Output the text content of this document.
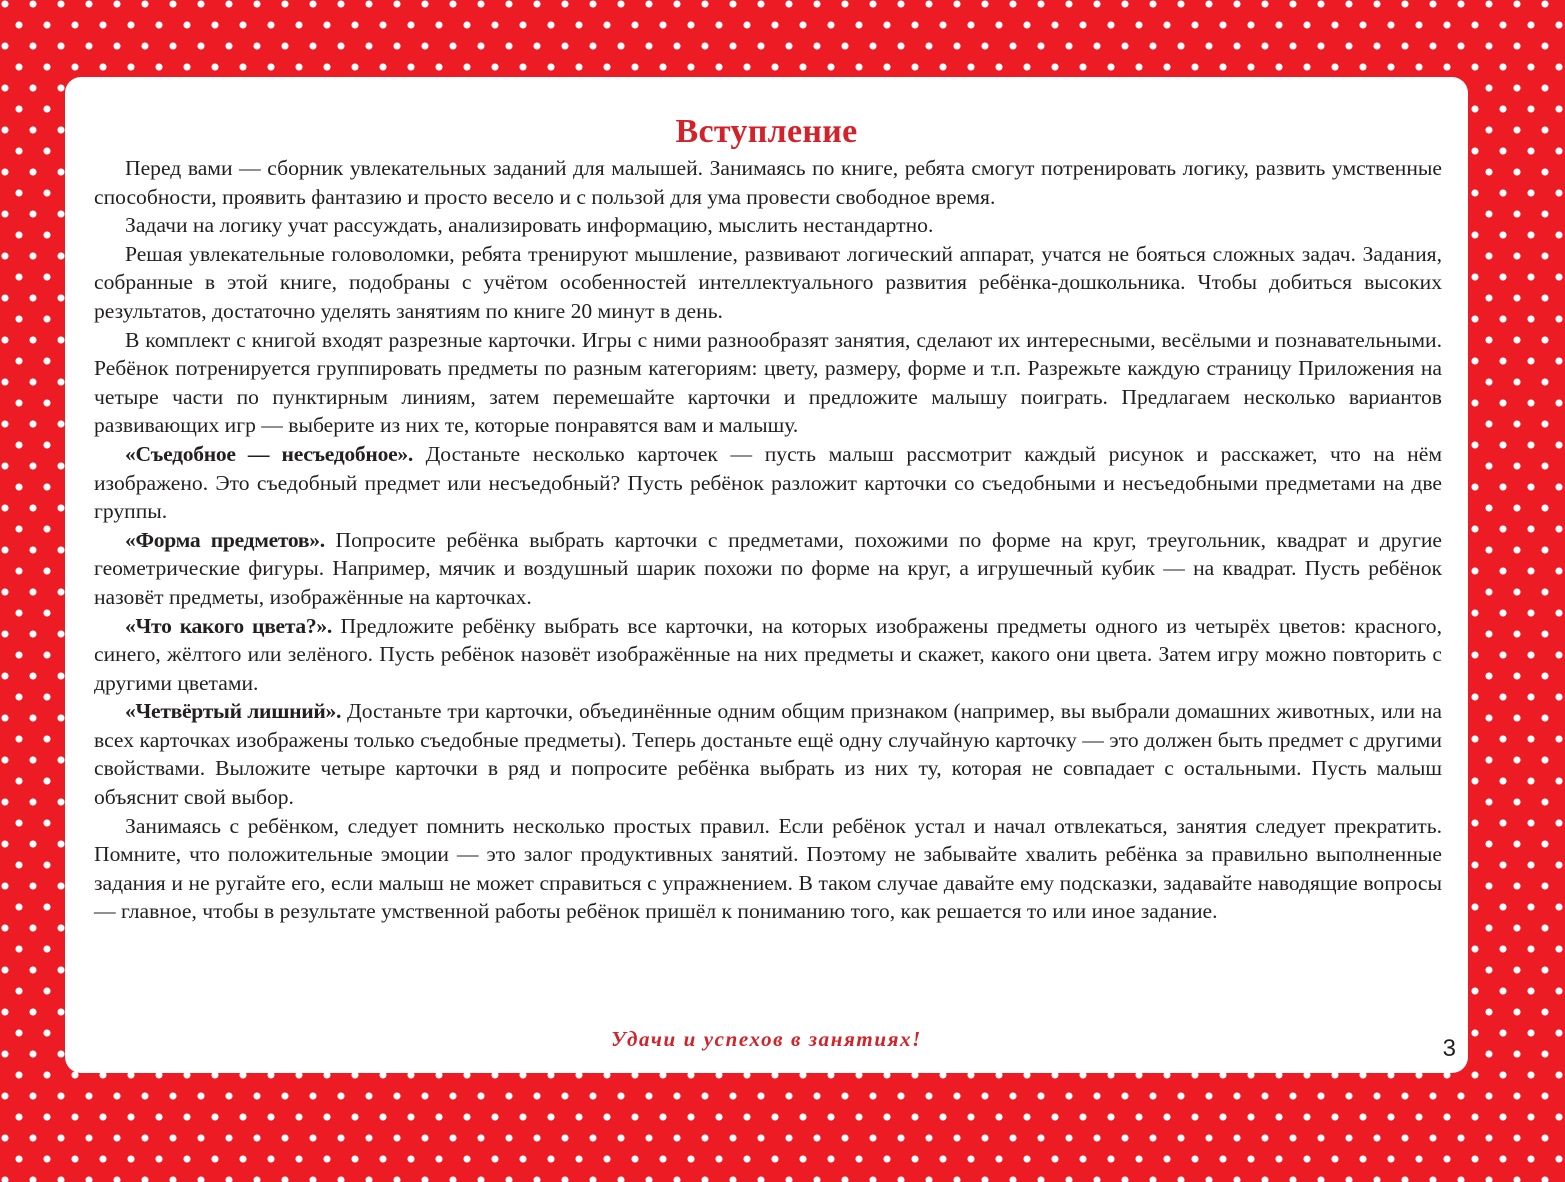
Вступление

Перед вами — сборник увлекательных заданий для малышей. Занимаясь по книге, ребята смогут потренировать логику, развить умственные способности, проявить фантазию и просто весело и с пользой для ума провести свободное время.

Задачи на логику учат рассуждать, анализировать информацию, мыслить нестандартно.

Решая увлекательные головоломки, ребята тренируют мышление, развивают логический аппарат, учатся не бояться сложных задач. Задания, собранные в этой книге, подобраны с учётом особенностей интеллектуального развития ребёнка-дошкольника. Чтобы добиться высоких результатов, достаточно уделять занятиям по книге 20 минут в день.

В комплект с книгой входят разрезные карточки. Игры с ними разнообразят занятия, сделают их интересными, весёлыми и познавательными. Ребёнок потренируется группировать предметы по разным категориям: цвету, размеру, форме и т.п. Разрежьте каждую страницу Приложения на четыре части по пунктирным линиям, затем перемешайте карточки и предложите малышу поиграть. Предлагаем несколько вариантов развивающих игр — выберите из них те, которые понравятся вам и малышу.

«Съедобное — несъедобное». Достаньте несколько карточек — пусть малыш рассмотрит каждый рисунок и расскажет, что на нём изображено. Это съедобный предмет или несъедобный? Пусть ребёнок разложит карточки со съедобными и несъедобными предметами на две группы.

«Форма предметов». Попросите ребёнка выбрать карточки с предметами, похожими по форме на круг, треугольник, квадрат и другие геометрические фигуры. Например, мячик и воздушный шарик похожи по форме на круг, а игрушечный кубик — на квадрат. Пусть ребёнок назовёт предметы, изображённые на карточках.

«Что какого цвета?». Предложите ребёнку выбрать все карточки, на которых изображены предметы одного из четырёх цветов: красного, синего, жёлтого или зелёного. Пусть ребёнок назовёт изображённые на них предметы и скажет, какого они цвета. Затем игру можно повторить с другими цветами.

«Четвёртый лишний». Достаньте три карточки, объединённые одним общим признаком (например, вы выбрали домашних животных, или на всех карточках изображены только съедобные предметы). Теперь достаньте ещё одну случайную карточку — это должен быть предмет с другими свойствами. Выложите четыре карточки в ряд и попросите ребёнка выбрать из них ту, которая не совпадает с остальными. Пусть малыш объяснит свой выбор.

Занимаясь с ребёнком, следует помнить несколько простых правил. Если ребёнок устал и начал отвлекаться, занятия следует прекратить. Помните, что положительные эмоции — это залог продуктивных занятий. Поэтому не забывайте хвалить ребёнка за правильно выполненные задания и не ругайте его, если малыш не может справиться с упражнением. В таком случае давайте ему подсказки, задавайте наводящие вопросы — главное, чтобы в результате умственной работы ребёнок пришёл к пониманию того, как решается то или иное задание.

Удачи и успехов в занятиях!	3
